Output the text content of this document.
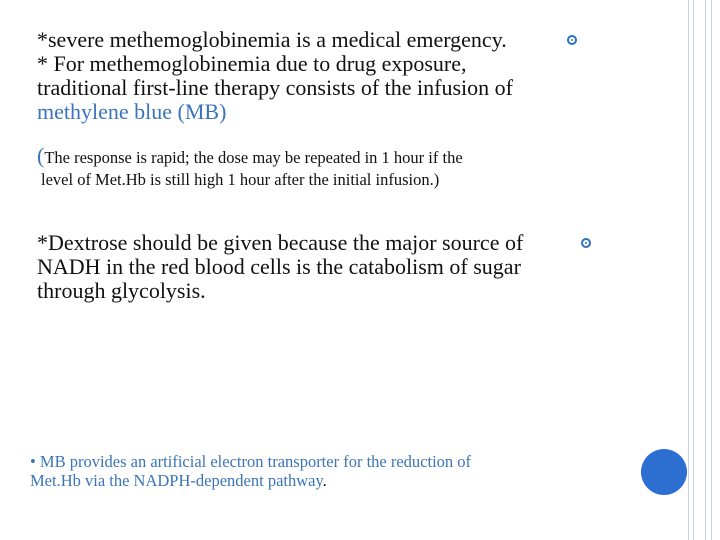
*severe methemoglobinemia is a medical emergency.
* For methemoglobinemia due to drug exposure,
traditional first-line therapy consists of the infusion of
methylene blue (MB)
(The response is rapid; the dose may be repeated in 1 hour if the
level of Met.Hb is still high 1 hour after the initial infusion.)
*Dextrose should be given because the major source of
NADH in the red blood cells is the catabolism of sugar
through glycolysis.
• MB provides an artificial electron transporter for the reduction of
Met.Hb via the NADPH-dependent pathway.
